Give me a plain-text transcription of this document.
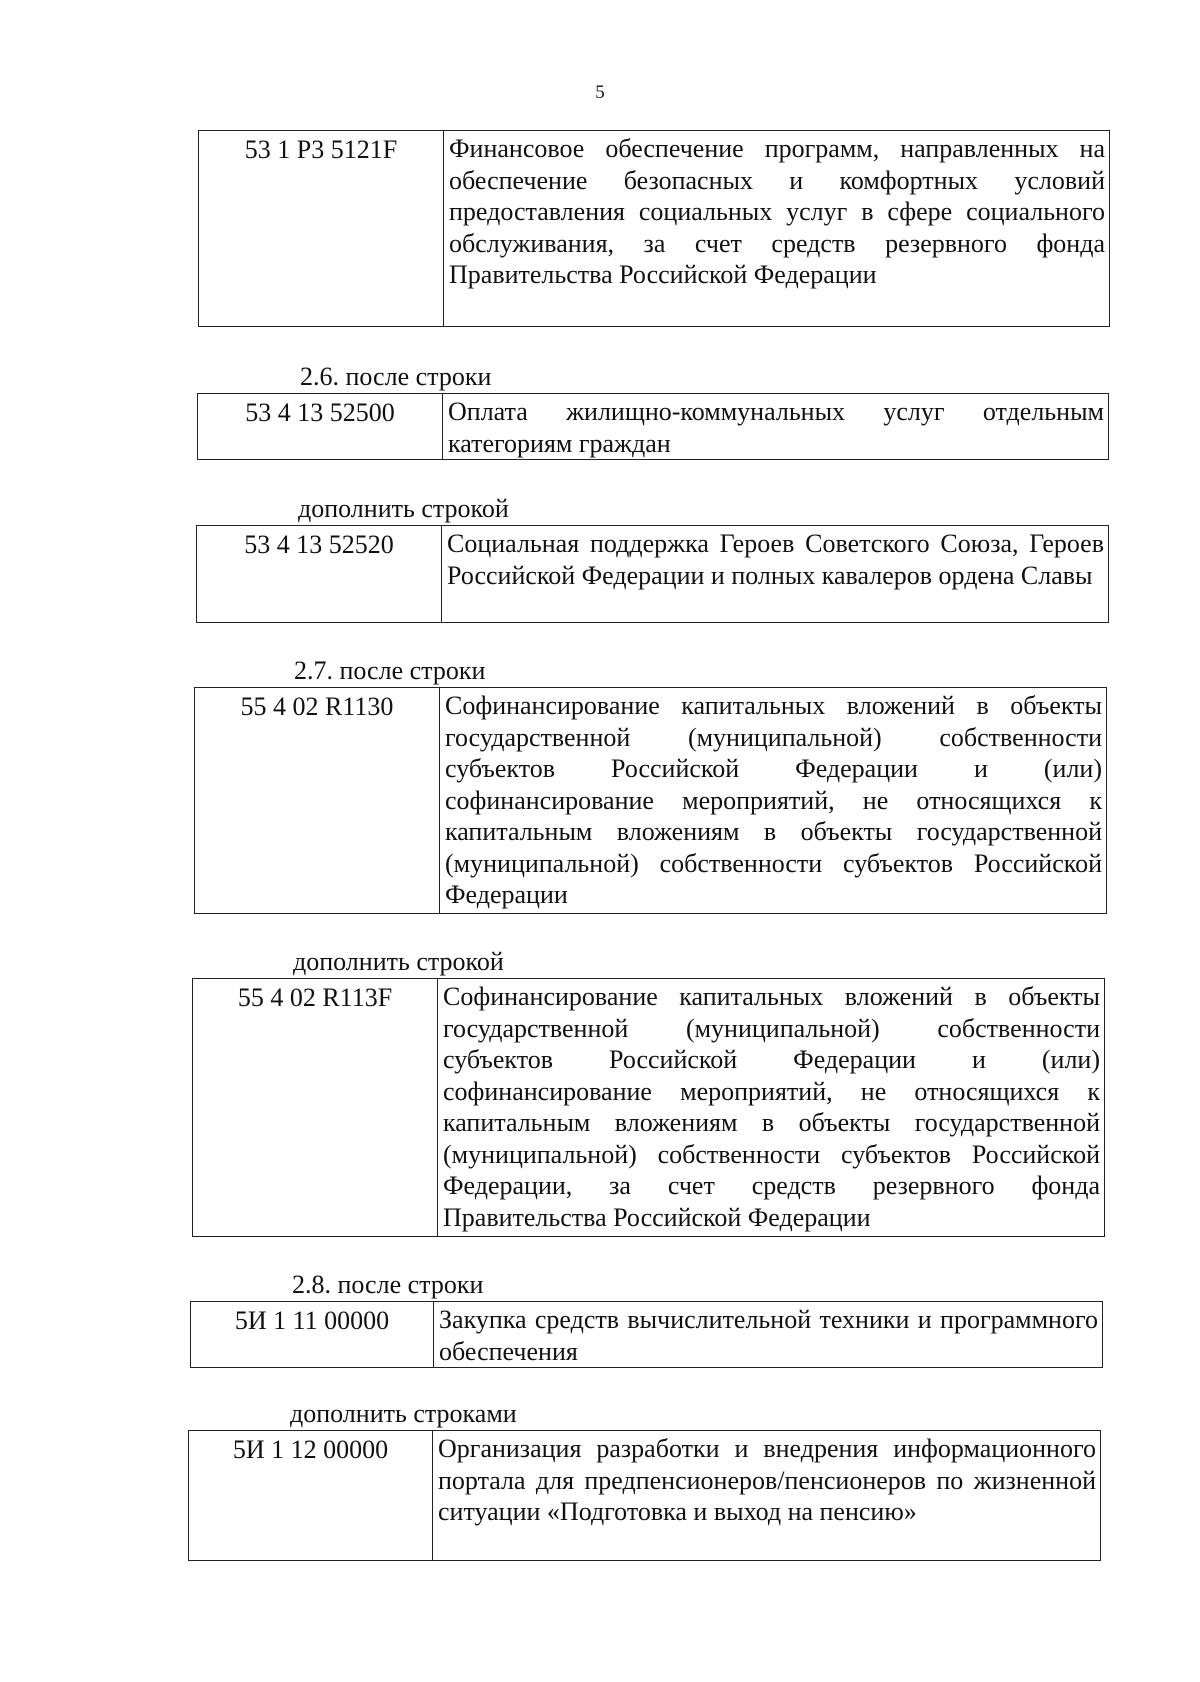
5
53 1 P3 5121F	Финансовое обеспечение программ, направленных на обеспечение безопасных и комфортных условий предоставления социальных услуг в сфере социального обслуживания, за счет средств резервного фонда Правительства Российской Федерации
2.6. после строки
53 4 13 52500	Оплата жилищно-коммунальных услуг отдельным категориям граждан
дополнить строкой
53 4 13 52520	Социальная поддержка Героев Советского Союза, Героев Российской Федерации и полных кавалеров ордена Славы
2.7. после строки
55 4 02 R1130	Софинансирование капитальных вложений в объекты государственной (муниципальной) собственности субъектов Российской Федерации и (или) софинансирование мероприятий, не относящихся к капитальным вложениям в объекты государственной (муниципальной) собственности субъектов Российской Федерации
дополнить строкой
55 4 02 R113F	Софинансирование капитальных вложений в объекты государственной (муниципальной) собственности субъектов Российской Федерации и (или) софинансирование мероприятий, не относящихся к капитальным вложениям в объекты государственной (муниципальной) собственности субъектов Российской Федерации, за счет средств резервного фонда Правительства Российской Федерации
2.8. после строки
5И 1 11 00000	Закупка средств вычислительной техники и программного обеспечения
дополнить строками
5И 1 12 00000	Организация разработки и внедрения информационного портала для предпенсионеров/пенсионеров по жизненной ситуации «Подготовка и выход на пенсию»
